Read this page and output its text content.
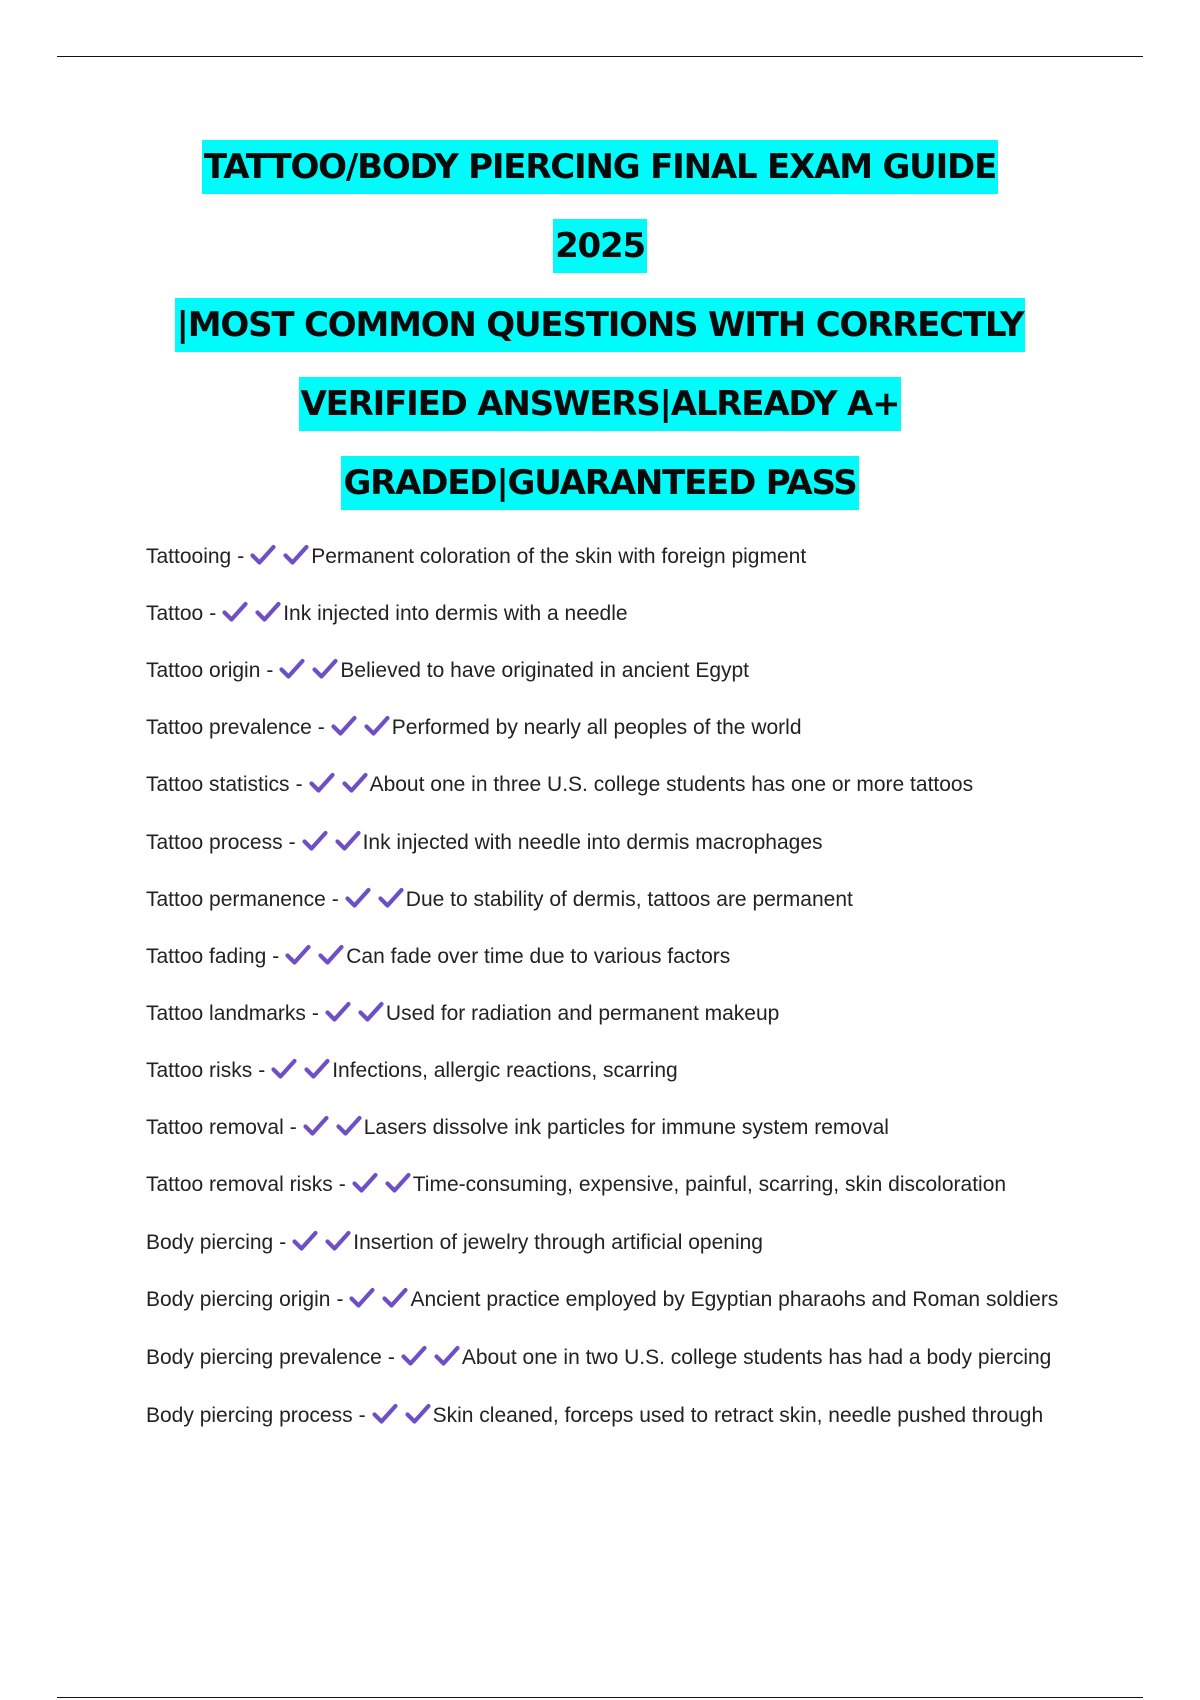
TATTOO/BODY PIERCING FINAL EXAM GUIDE
2025
|MOST COMMON QUESTIONS WITH CORRECTLY
VERIFIED ANSWERS|ALREADY A+
GRADED|GUARANTEED PASS
Tattooing -	Permanent coloration of the skin with foreign pigment
Tattoo -	Ink injected into dermis with a needle
Tattoo origin -	Believed to have originated in ancient Egypt
Tattoo prevalence -	Performed by nearly all peoples of the world
Tattoo statistics -	About one in three U.S. college students has one or more tattoos
Tattoo process -	Ink injected with needle into dermis macrophages
Tattoo permanence -	Due to stability of dermis, tattoos are permanent
Tattoo fading -	Can fade over time due to various factors
Tattoo landmarks -	Used for radiation and permanent makeup
Tattoo risks -	Infections, allergic reactions, scarring
Tattoo removal -	Lasers dissolve ink particles for immune system removal
Tattoo removal risks -	Time-consuming, expensive, painful, scarring, skin discoloration
Body piercing -	Insertion of jewelry through artificial opening
Body piercing origin -	Ancient practice employed by Egyptian pharaohs and Roman soldiers
Body piercing prevalence -	About one in two U.S. college students has had a body piercing
Body piercing process -	Skin cleaned, forceps used to retract skin, needle pushed through
